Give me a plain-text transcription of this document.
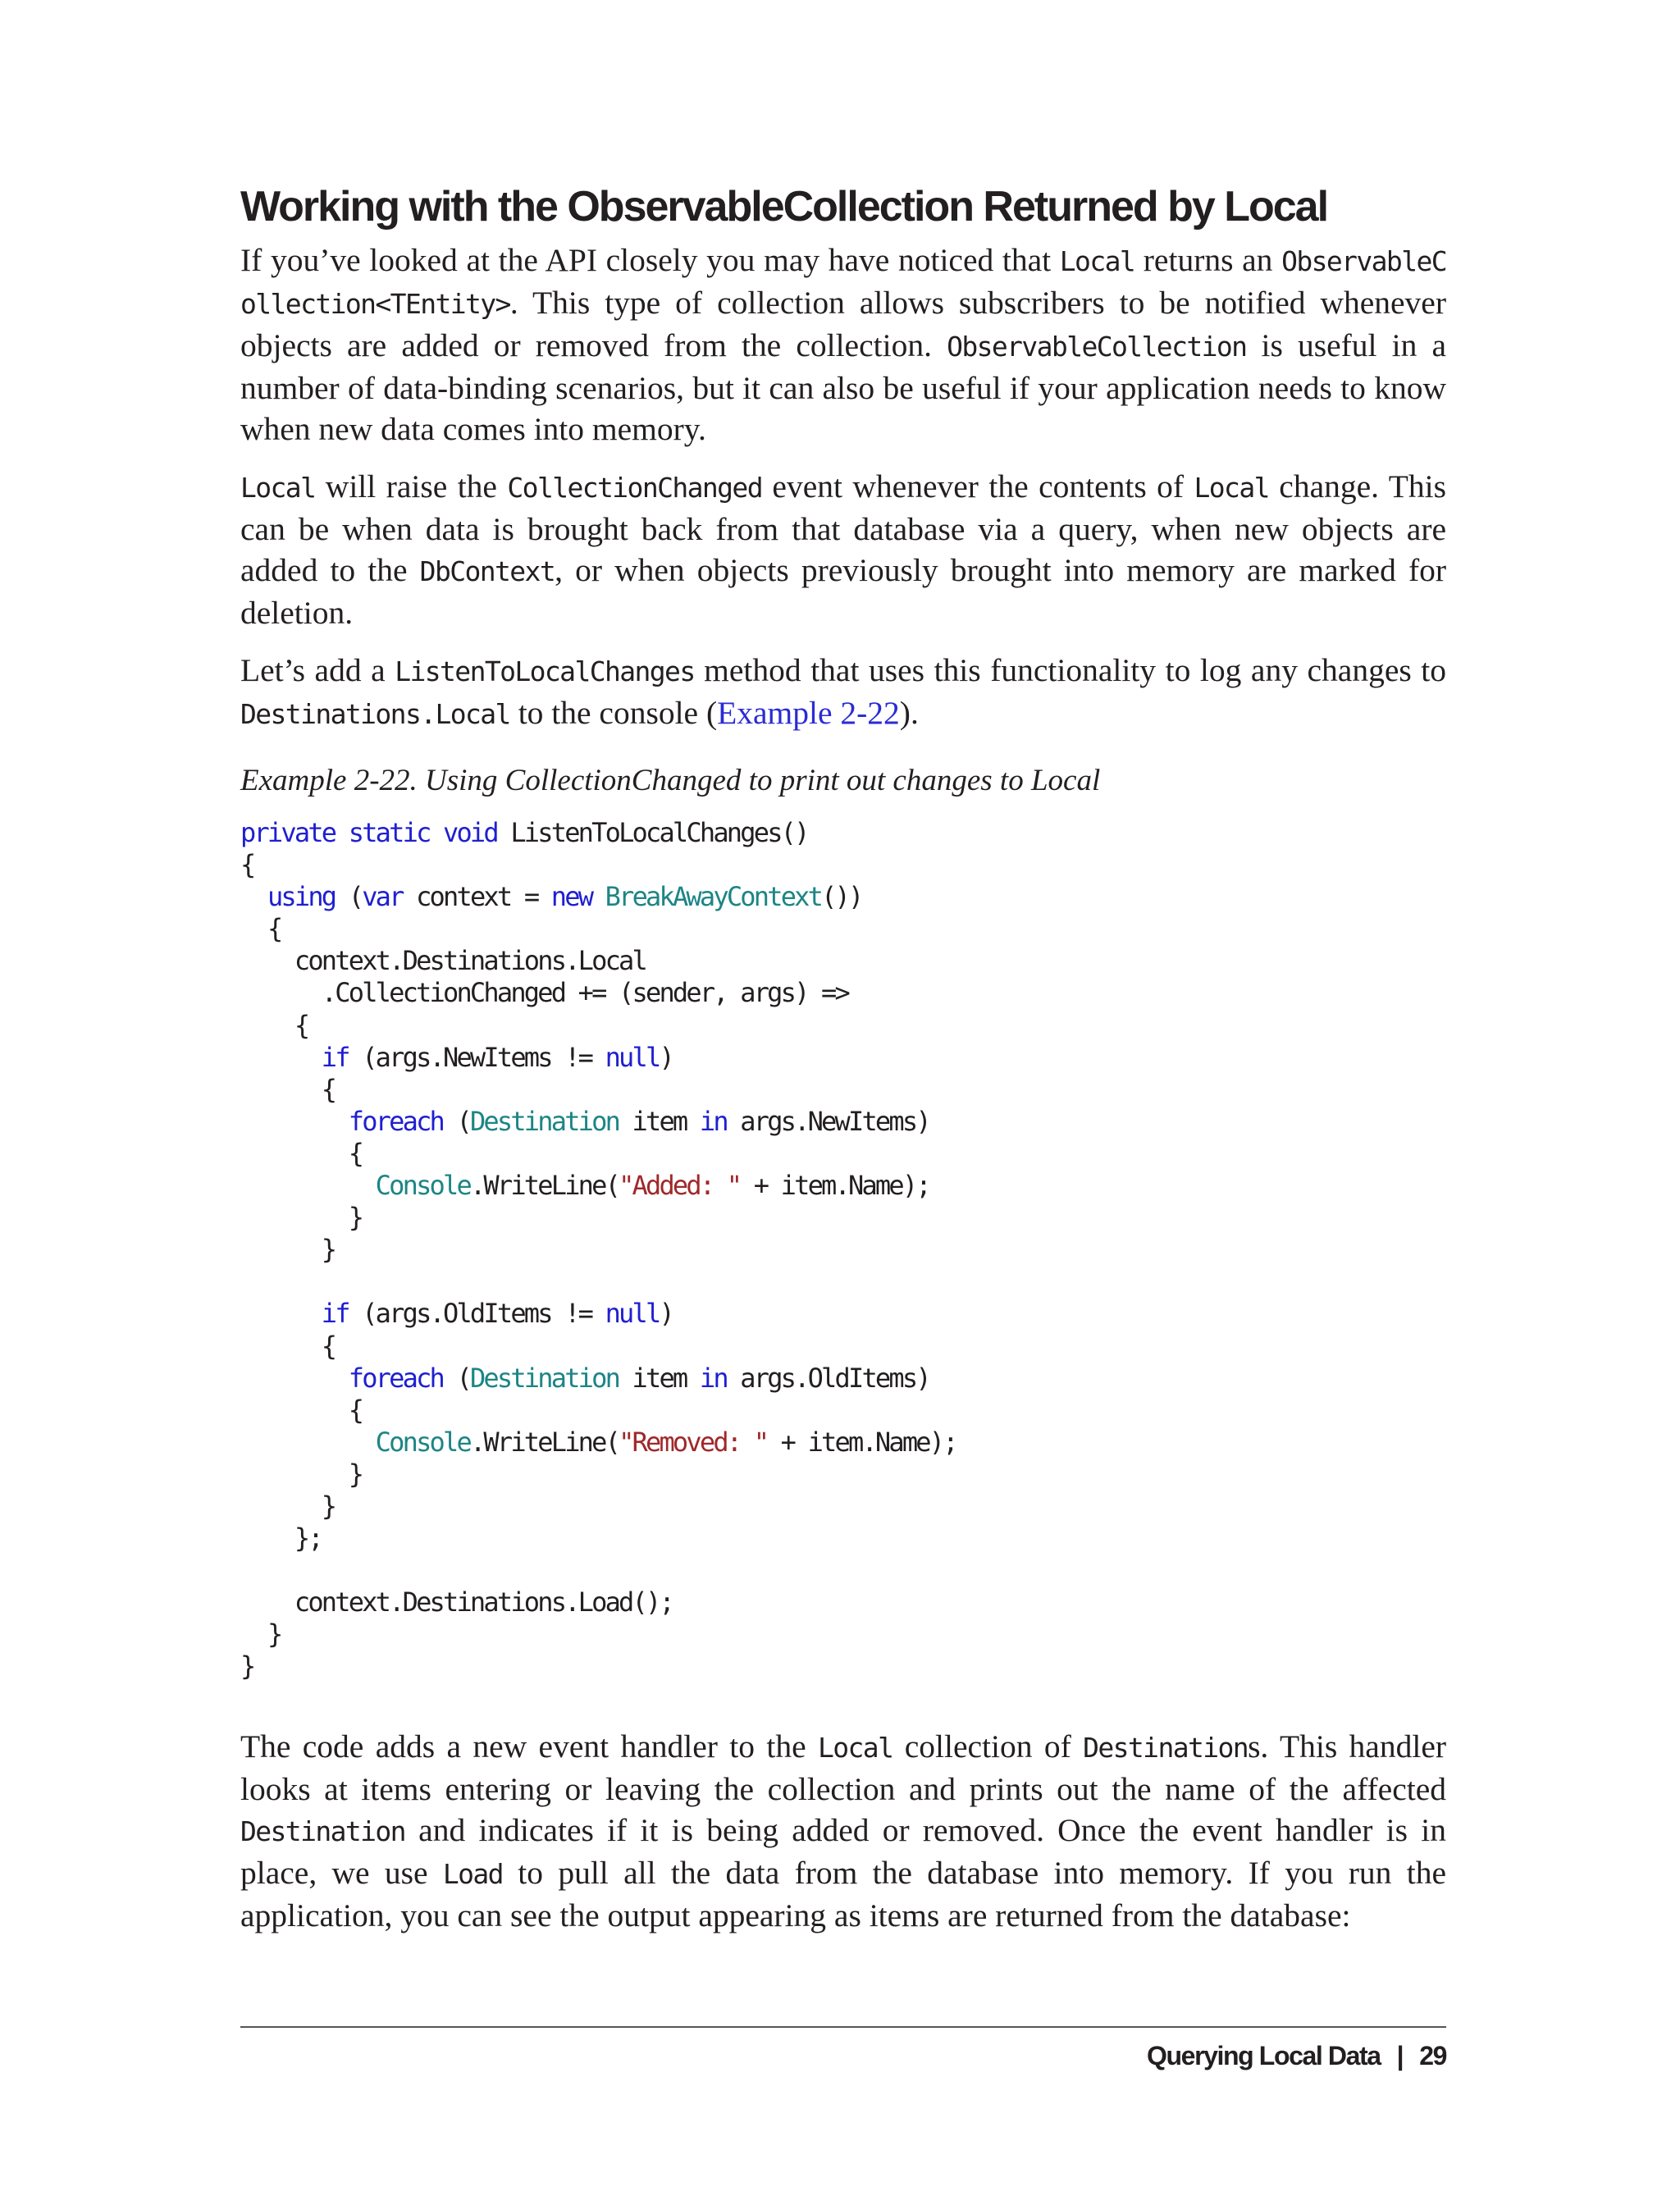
Working with the ObservableCollection Returned by Local

If you’ve looked at the API closely you may have noticed that Local returns an ObservableCollection<TEntity>. This type of collection allows subscribers to be notified whenever objects are added or removed from the collection. ObservableCollection is useful in a number of data-binding scenarios, but it can also be useful if your application needs to know when new data comes into memory.

Local will raise the CollectionChanged event whenever the contents of Local change. This can be when data is brought back from that database via a query, when new objects are added to the DbContext, or when objects previously brought into memory are marked for deletion.

Let’s add a ListenToLocalChanges method that uses this functionality to log any changes to Destinations.Local to the console (Example 2-22).

Example 2-22. Using CollectionChanged to print out changes to Local
private static void ListenToLocalChanges()
{
using (var context = new BreakAwayContext())
{
context.Destinations.Local
.CollectionChanged += (sender, args) =>
{
if (args.NewItems != null)
{
foreach (Destination item in args.NewItems)
{
Console.WriteLine("Added: " + item.Name);
}
}

if (args.OldItems != null)
{
foreach (Destination item in args.OldItems)
{
Console.WriteLine("Removed: " + item.Name);
}
}
};

context.Destinations.Load();
}
}

The code adds a new event handler to the Local collection of Destinations. This handler looks at items entering or leaving the collection and prints out the name of the affected Destination and indicates if it is being added or removed. Once the event handler is in place, we use Load to pull all the data from the database into memory. If you run the application, you can see the output appearing as items are returned from the database:

Querying Local Data | 29
